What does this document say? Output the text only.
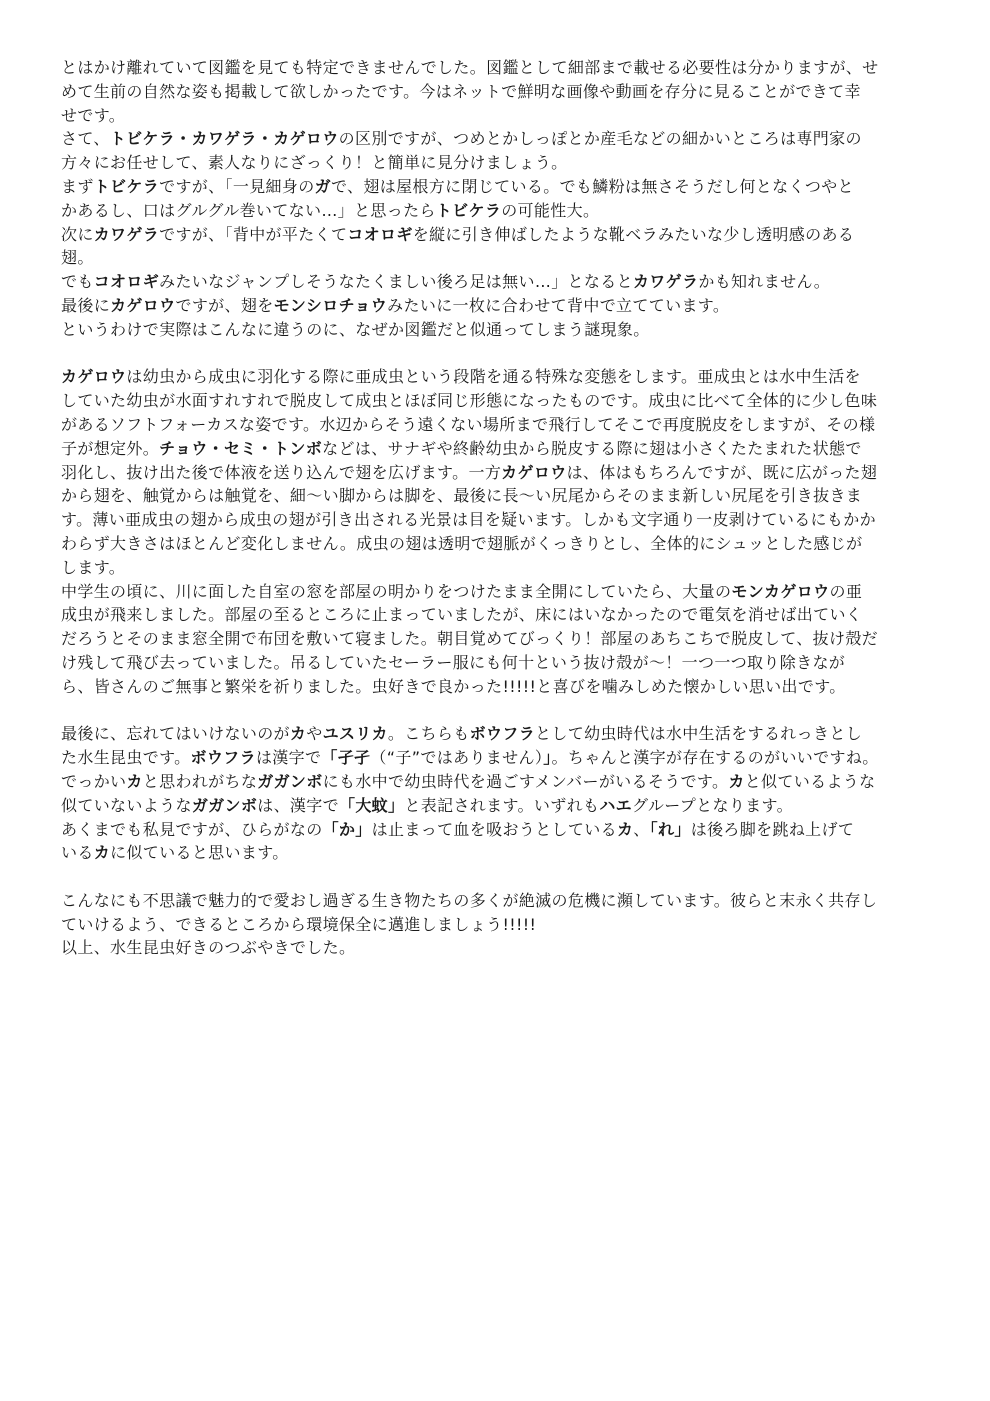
とはかけ離れていて図鑑を見ても特定できませんでした。図鑑として細部まで載せる必要性は分かりますが、せ
めて生前の自然な姿も掲載して欲しかったです。今はネットで鮮明な画像や動画を存分に見ることができて幸
せです。
さて、トビケラ・カワゲラ・カゲロウの区別ですが、つめとかしっぽとか産毛などの細かいところは専門家の
方々にお任せして、素人なりにざっくり！と簡単に見分けましょう。
まずトビケラですが、「一見細身のガで、翅は屋根方に閉じている。でも鱗粉は無さそうだし何となくつやと
かあるし、口はグルグル巻いてない…」と思ったらトビケラの可能性大。
次にカワゲラですが、「背中が平たくてコオロギを縦に引き伸ばしたような靴ベラみたいな少し透明感のある
翅。
でもコオロギみたいなジャンプしそうなたくましい後ろ足は無い…」となるとカワゲラかも知れません。
最後にカゲロウですが、翅をモンシロチョウみたいに一枚に合わせて背中で立てています。
というわけで実際はこんなに違うのに、なぜか図鑑だと似通ってしまう謎現象。
カゲロウは幼虫から成虫に羽化する際に亜成虫という段階を通る特殊な変態をします。亜成虫とは水中生活を
していた幼虫が水面すれすれで脱皮して成虫とほぼ同じ形態になったものです。成虫に比べて全体的に少し色味
があるソフトフォーカスな姿です。水辺からそう遠くない場所まで飛行してそこで再度脱皮をしますが、その様
子が想定外。チョウ・セミ・トンボなどは、サナギや終齢幼虫から脱皮する際に翅は小さくたたまれた状態で
羽化し、抜け出た後で体液を送り込んで翅を広げます。一方カゲロウは、体はもちろんですが、既に広がった翅
から翅を、触覚からは触覚を、細〜い脚からは脚を、最後に長〜い尻尾からそのまま新しい尻尾を引き抜きま
す。薄い亜成虫の翅から成虫の翅が引き出される光景は目を疑います。しかも文字通り一皮剥けているにもかか
わらず大きさはほとんど変化しません。成虫の翅は透明で翅脈がくっきりとし、全体的にシュッとした感じが
します。
中学生の頃に、川に面した自室の窓を部屋の明かりをつけたまま全開にしていたら、大量のモンカゲロウの亜
成虫が飛来しました。部屋の至るところに止まっていましたが、床にはいなかったので電気を消せば出ていく
だろうとそのまま窓全開で布団を敷いて寝ました。朝目覚めてびっくり！部屋のあちこちで脱皮して、抜け殻だ
け残して飛び去っていました。吊るしていたセーラー服にも何十という抜け殻が〜！一つ一つ取り除きなが
ら、皆さんのご無事と繁栄を祈りました。虫好きで良かった!!!!!と喜びを噛みしめた懐かしい思い出です。
最後に、忘れてはいけないのがカやユスリカ。こちらもボウフラとして幼虫時代は水中生活をするれっきとし
た水生昆虫です。ボウフラは漢字で「孑孑（“子”ではありません）」。ちゃんと漢字が存在するのがいいですね。
でっかいカと思われがちなガガンボにも水中で幼虫時代を過ごすメンバーがいるそうです。カと似ているような
似ていないようなガガンボは、漢字で「大蚊」と表記されます。いずれもハエグループとなります。
あくまでも私見ですが、ひらがなの「か」は止まって血を吸おうとしているカ、「れ」は後ろ脚を跳ね上げて
いるカに似ていると思います。
こんなにも不思議で魅力的で愛おし過ぎる生き物たちの多くが絶滅の危機に瀕しています。彼らと末永く共存し
ていけるよう、できるところから環境保全に邁進しましょう!!!!!
以上、水生昆虫好きのつぶやきでした。
